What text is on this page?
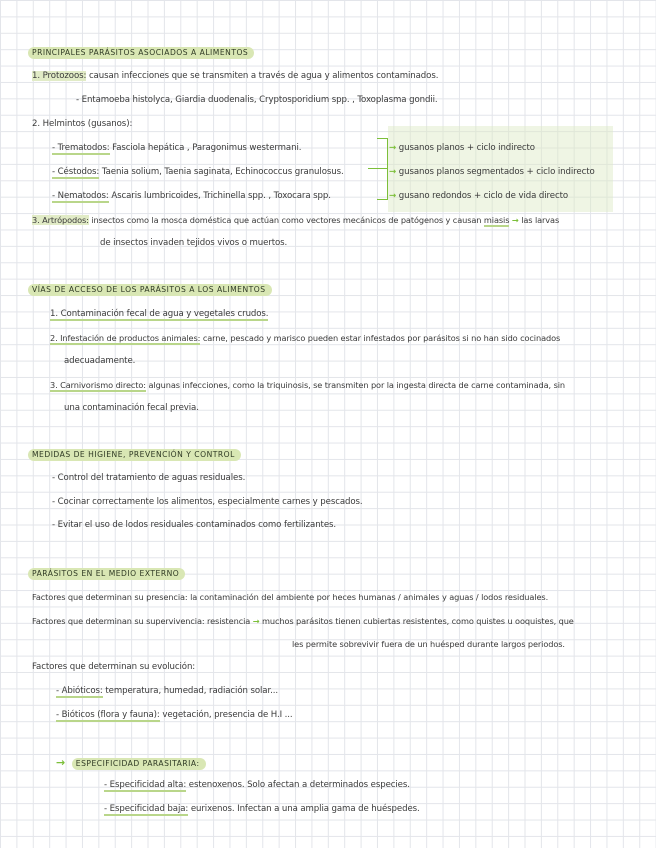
PRINCIPALES PARÁSITOS ASOCIADOS A ALIMENTOS
1. Protozoos: causan infecciones que se transmiten a través de agua y alimentos contaminados.
- Entamoeba histolyca, Giardia duodenalis, Cryptosporidium spp. , Toxoplasma gondii.
2. Helmintos (gusanos):
- Trematodos: Fasciola hepática , Paragonimus westermani.
- Céstodos: Taenia solium, Taenia saginata, Echinococcus granulosus.
- Nematodos: Ascaris lumbricoides, Trichinella spp. , Toxocara spp.
→ gusanos planos + ciclo indirecto
→ gusanos planos segmentados + ciclo indirecto
→ gusano redondos + ciclo de vida directo
3. Artrópodos: insectos como la mosca doméstica que actúan como vectores mecánicos de patógenos y causan miasis → las larvas
de insectos invaden tejidos vivos o muertos.
VÍAS DE ACCESO DE LOS PARÁSITOS A LOS ALIMENTOS
1. Contaminación fecal de agua y vegetales crudos.
2. Infestación de productos animales: carne, pescado y marisco pueden estar infestados por parásitos si no han sido cocinados
adecuadamente.
3. Carnivorismo directo: algunas infecciones, como la triquinosis, se transmiten por la ingesta directa de carne contaminada, sin
una contaminación fecal previa.
MEDIDAS DE HIGIENE, PREVENCIÓN Y CONTROL
- Control del tratamiento de aguas residuales.
- Cocinar correctamente los alimentos, especialmente carnes y pescados.
- Evitar el uso de lodos residuales contaminados como fertilizantes.
PARÁSITOS EN EL MEDIO EXTERNO
Factores que determinan su presencia: la contaminación del ambiente por heces humanas / animales y aguas / lodos residuales.
Factores que determinan su supervivencia: resistencia → muchos parásitos tienen cubiertas resistentes, como quistes u ooquistes, que
les permite sobrevivir fuera de un huésped durante largos periodos.
Factores que determinan su evolución:
- Abióticos: temperatura, humedad, radiación solar...
- Bióticos (flora y fauna): vegetación, presencia de H.I ...
→ ESPECIFICIDAD PARASITARIA:
- Especificidad alta: estenoxenos. Solo afectan a determinados especies.
- Especificidad baja: eurixenos. Infectan a una amplia gama de huéspedes.
